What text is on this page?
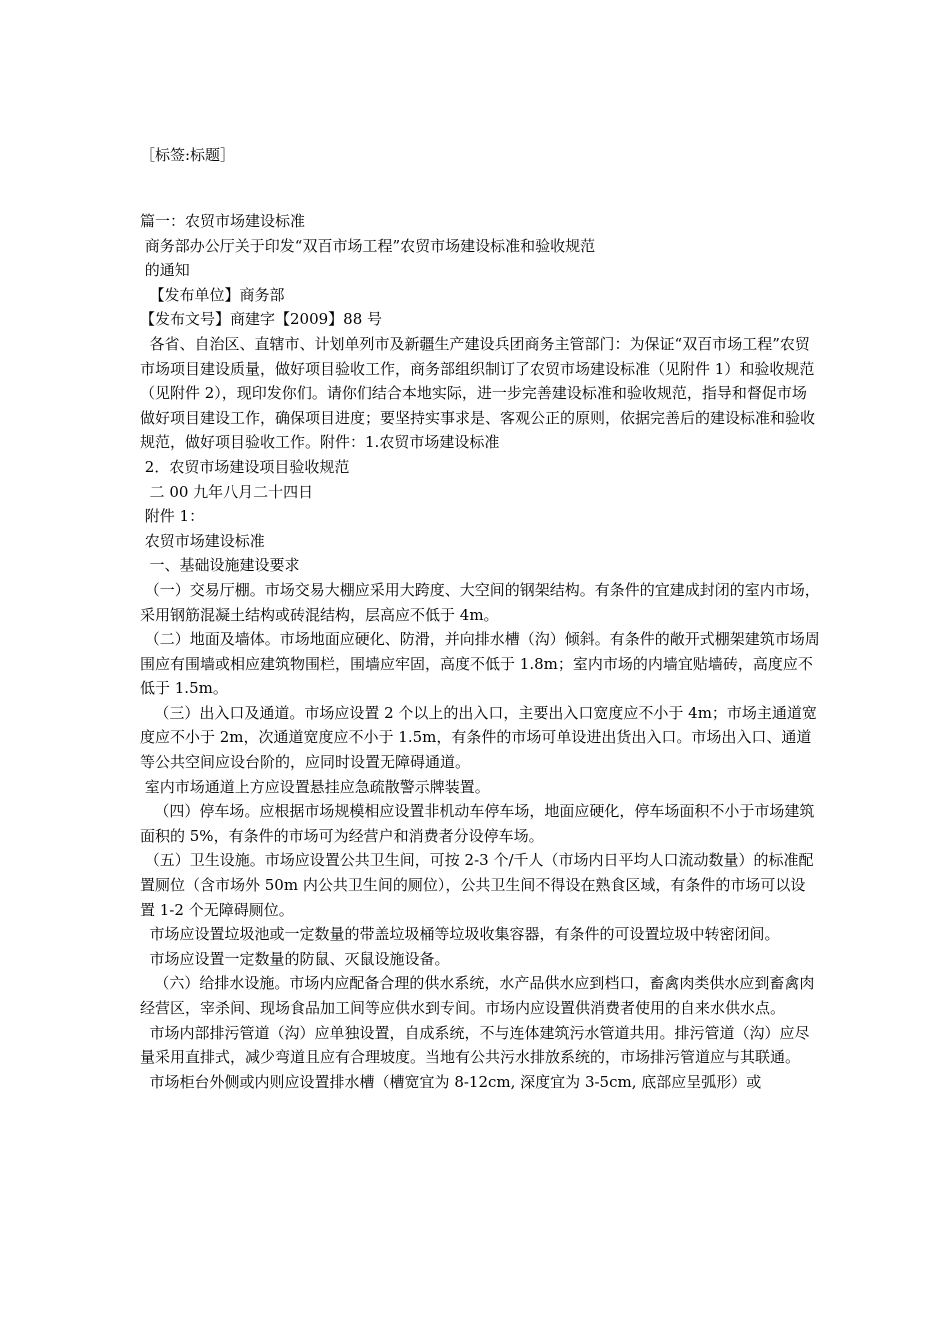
［标签:标题］

篇一：农贸市场建设标准

商务部办公厅关于印发“双百市场工程”农贸市场建设标准和验收规范

的通知

【发布单位】商务部

【发布文号】商建字【2009】88 号

各省、自治区、直辖市、计划单列市及新疆生产建设兵团商务主管部门：为保证“双百市场工程”农贸市场项目建设质量，做好项目验收工作，商务部组织制订了农贸市场建设标准（见附件 1）和验收规范（见附件 2），现印发你们。请你们结合本地实际，进一步完善建设标准和验收规范，指导和督促市场做好项目建设工作，确保项目进度；要坚持实事求是、客观公正的原则，依据完善后的建设标准和验收规范，做好项目验收工作。附件：1.农贸市场建设标准

2．农贸市场建设项目验收规范

二 00 九年八月二十四日

附件 1：

农贸市场建设标准

一、基础设施建设要求

（一）交易厅棚。市场交易大棚应采用大跨度、大空间的钢架结构。有条件的宜建成封闭的室内市场，采用钢筋混凝土结构或砖混结构，层高应不低于 4m。

（二）地面及墙体。市场地面应硬化、防滑，并向排水槽（沟）倾斜。有条件的敞开式棚架建筑市场周围应有围墙或相应建筑物围栏，围墙应牢固，高度不低于 1.8m；室内市场的内墙宜贴墙砖，高度应不低于 1.5m。

（三）出入口及通道。市场应设置 2 个以上的出入口，主要出入口宽度应不小于 4m；市场主通道宽度应不小于 2m，次通道宽度应不小于 1.5m，有条件的市场可单设进出货出入口。市场出入口、通道等公共空间应设台阶的，应同时设置无障碍通道。

室内市场通道上方应设置悬挂应急疏散警示牌装置。

（四）停车场。应根据市场规模相应设置非机动车停车场，地面应硬化，停车场面积不小于市场建筑面积的 5%，有条件的市场可为经营户和消费者分设停车场。

（五）卫生设施。市场应设置公共卫生间，可按 2-3 个/千人（市场内日平均人口流动数量）的标准配置厕位（含市场外 50m 内公共卫生间的厕位），公共卫生间不得设在熟食区域，有条件的市场可以设置 1-2 个无障碍厕位。

市场应设置垃圾池或一定数量的带盖垃圾桶等垃圾收集容器，有条件的可设置垃圾中转密闭间。

市场应设置一定数量的防鼠、灭鼠设施设备。

（六）给排水设施。市场内应配备合理的供水系统，水产品供水应到档口，畜禽肉类供水应到畜禽肉经营区，宰杀间、现场食品加工间等应供水到专间。市场内应设置供消费者使用的自来水供水点。

市场内部排污管道（沟）应单独设置，自成系统，不与连体建筑污水管道共用。排污管道（沟）应尽量采用直排式，减少弯道且应有合理坡度。当地有公共污水排放系统的，市场排污管道应与其联通。

市场柜台外侧或内则应设置排水槽（槽宽宜为 8-12cm, 深度宜为 3-5cm, 底部应呈弧形）或
